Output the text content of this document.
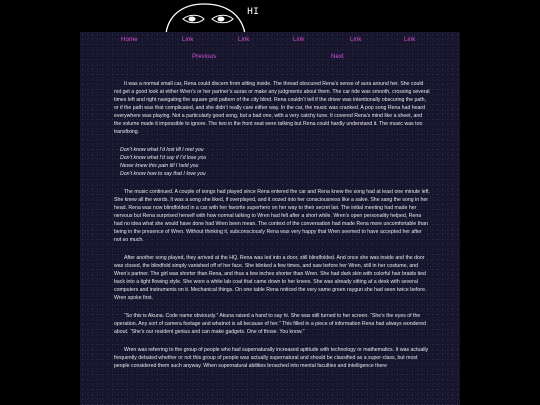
HI
Home	Link	Link	Link	Link	Link
Previous	Next

It was a normal small car, Rena could discern from sitting inside. The thread obscured Rena’s sense of aura around her. She could not get a good look at either Wren’s or her partner’s auras or make any judgments about them. The car ride was smooth, crossing several times left and right navigating the square grid pattern of the city blind. Rena couldn’t tell if the driver was intentionally obscuring the path, or if the path was that complicated, and she didn’t really care either way. In the car, the music was cranked. A pop song Rena had heard everywhere was playing. Not a particularly good song, but a bad one, with a very catchy tune. It covered Rena’s mind like a sheet, and the volume made it impossible to ignore. The two in the front seat were talking but Rena could hardly understand it. The music was too transfixing.

Don’t know what I’d lost till I met you
Don’t know what I’d say if I’d lose you
Never knew this pain till I held you
Don’t know how to say that I love you

The music continued. A couple of songs had played since Rena entered the car and Rena knew the song had at least one minute left. She knew all the words. It was a song she liked, if overplayed, and it oozed into her consciousness like a salve. She sang the song in her head. Rena was now blindfolded in a car with her favorite superhero on her way to their secret lair. The initial meeting had made her nervous but Rena surprised herself with how normal talking to Wren had felt after a short while. Wren’s open personality helped, Rena had no idea what she would have done had Wren been mean. The context of the conversation had made Rena more uncomfortable than being in the presence of Wren. Without thinking it, subconsciously Rena was very happy that Wren seemed to have accepted her after not so much.

After another song played, they arrived at the HQ. Rena was led into a door, still blindfolded. And once she was inside and the door was closed, the blindfold simply vanished off of her face. She blinked a few times, and saw before her Wren, still in her costume, and Wren’s partner. The girl was shorter than Rena, and thus a few inches shorter than Wren. She had dark skin with colorful hair braids tied back into a tight flowing style. She wore a white lab coat that came down to her knees. She was already sitting at a desk with several computers and instruments on it. Mechanical things. On one table Rena noticed the very same green raygun she had seen twice before. Wren spoke first.

“So this is Akuna. Code name obviously.” Akuna raised a hand to say hi. She was still turned to her screen. “She’s the eyes of the operation. Any sort of camera footage and whatnot is all because of her.” This filled in a piece of information Rena had always wondered about. “She’s our resident genius and can make gadgets. One of those. You know.”

Wren was referring to the group of people who had supernaturally increased aptitude with technology or mathematics. It was actually frequently debated whether or not this group of people was actually supernatural and should be classified as a super-class, but most people considered them such anyway. When supernatural abilities broached into mental faculties and intelligence there
